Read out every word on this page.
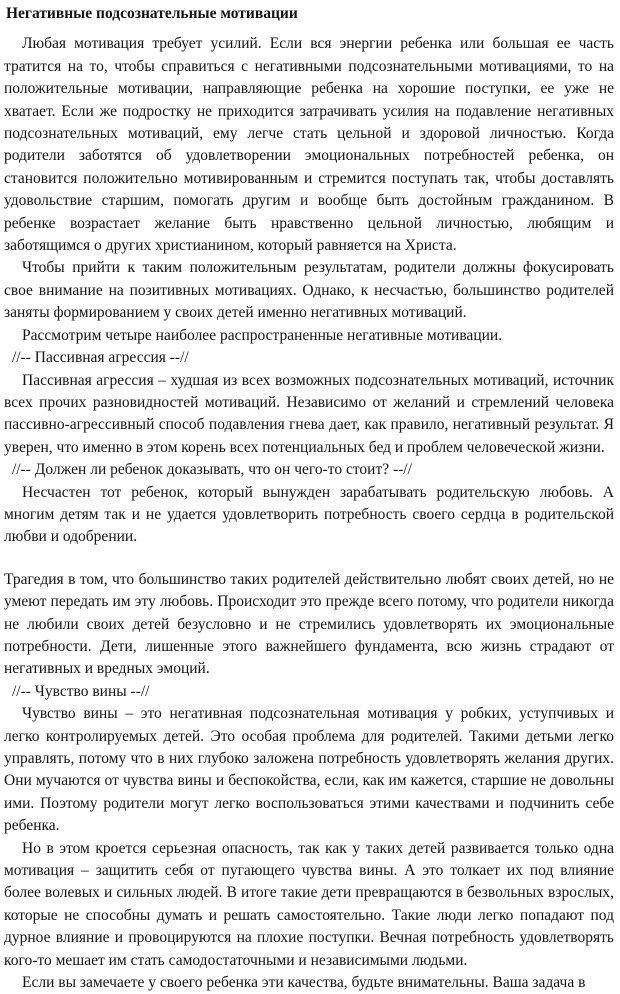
Негативные подсознательные мотивации

Любая мотивация требует усилий. Если вся энергии ребенка или большая ее часть тратится на то, чтобы справиться с негативными подсознательными мотивациями, то на положительные мотивации, направляющие ребенка на хорошие поступки, ее уже не хватает. Если же подростку не приходится затрачивать усилия на подавление негативных подсознательных мотиваций, ему легче стать цельной и здоровой личностью. Когда родители заботятся об удовлетворении эмоциональных потребностей ребенка, он становится положительно мотивированным и стремится поступать так, чтобы доставлять удовольствие старшим, помогать другим и вообще быть достойным гражданином. В ребенке возрастает желание быть нравственно цельной личностью, любящим и заботящимся о других христианином, который равняется на Христа.

Чтобы прийти к таким положительным результатам, родители должны фокусировать свое внимание на позитивных мотивациях. Однако, к несчастью, большинство родителей заняты формированием у своих детей именно негативных мотиваций.

Рассмотрим четыре наиболее распространенные негативные мотивации.

//-- Пассивная агрессия --//

Пассивная агрессия – худшая из всех возможных подсознательных мотиваций, источник всех прочих разновидностей мотиваций. Независимо от желаний и стремлений человека пассивно-агрессивный способ подавления гнева дает, как правило, негативный результат. Я уверен, что именно в этом корень всех потенциальных бед и проблем человеческой жизни.

//-- Должен ли ребенок доказывать, что он чего-то стоит? --//

Несчастен тот ребенок, который вынужден зарабатывать родительскую любовь. А многим детям так и не удается удовлетворить потребность своего сердца в родительской любви и одобрении.

Трагедия в том, что большинство таких родителей действительно любят своих детей, но не умеют передать им эту любовь. Происходит это прежде всего потому, что родители никогда не любили своих детей безусловно и не стремились удовлетворять их эмоциональные потребности. Дети, лишенные этого важнейшего фундамента, всю жизнь страдают от негативных и вредных эмоций.

//-- Чувство вины --//

Чувство вины – это негативная подсознательная мотивация у робких, уступчивых и легко контролируемых детей. Это особая проблема для родителей. Такими детьми легко управлять, потому что в них глубоко заложена потребность удовлетворять желания других. Они мучаются от чувства вины и беспокойства, если, как им кажется, старшие не довольны ими. Поэтому родители могут легко воспользоваться этими качествами и подчинить себе ребенка.

Но в этом кроется серьезная опасность, так как у таких детей развивается только одна мотивация – защитить себя от пугающего чувства вины. А это толкает их под влияние более волевых и сильных людей. В итоге такие дети превращаются в безвольных взрослых, которые не способны думать и решать самостоятельно. Такие люди легко попадают под дурное влияние и провоцируются на плохие поступки. Вечная потребность удовлетворять кого-то мешает им стать самодостаточными и независимыми людьми.

Если вы замечаете у своего ребенка эти качества, будьте внимательны. Ваша задача в
